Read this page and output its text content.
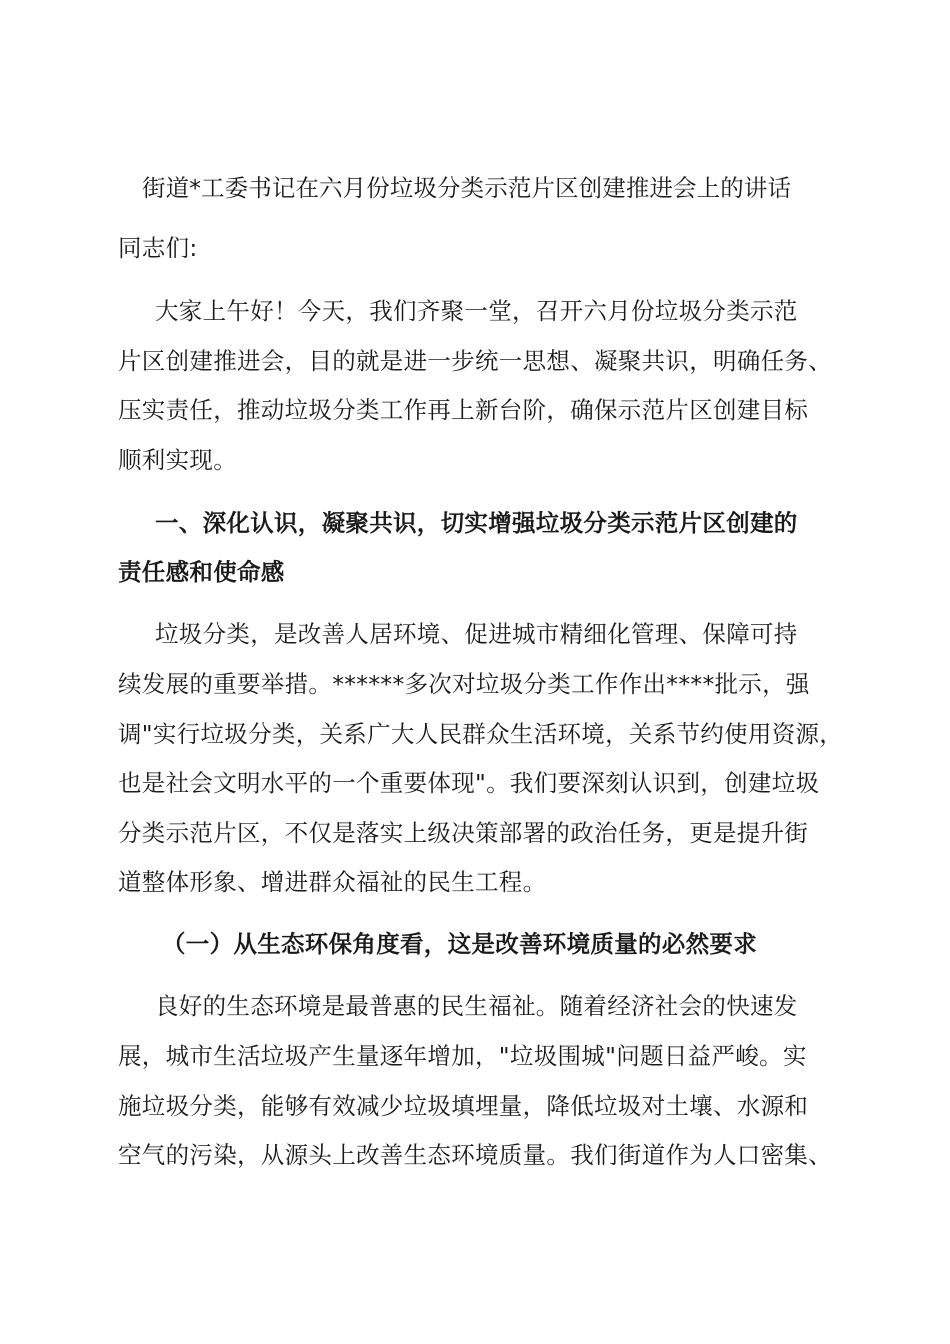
街道*工委书记在六月份垃圾分类示范片区创建推进会上的讲话
同志们:
大家上午好！今天，我们齐聚一堂，召开六月份垃圾分类示范
片区创建推进会，目的就是进一步统一思想、凝聚共识，明确任务、
压实责任，推动垃圾分类工作再上新台阶，确保示范片区创建目标
顺利实现。
一、深化认识，凝聚共识，切实增强垃圾分类示范片区创建的
责任感和使命感
垃圾分类，是改善人居环境、促进城市精细化管理、保障可持
续发展的重要举措。******多次对垃圾分类工作作出****批示，强
调"实行垃圾分类，关系广大人民群众生活环境，关系节约使用资源，
也是社会文明水平的一个重要体现"。我们要深刻认识到，创建垃圾
分类示范片区，不仅是落实上级决策部署的政治任务，更是提升街
道整体形象、增进群众福祉的民生工程。
（一）从生态环保角度看，这是改善环境质量的必然要求
良好的生态环境是最普惠的民生福祉。随着经济社会的快速发
展，城市生活垃圾产生量逐年增加，"垃圾围城"问题日益严峻。实
施垃圾分类，能够有效减少垃圾填埋量，降低垃圾对土壤、水源和
空气的污染，从源头上改善生态环境质量。我们街道作为人口密集、
